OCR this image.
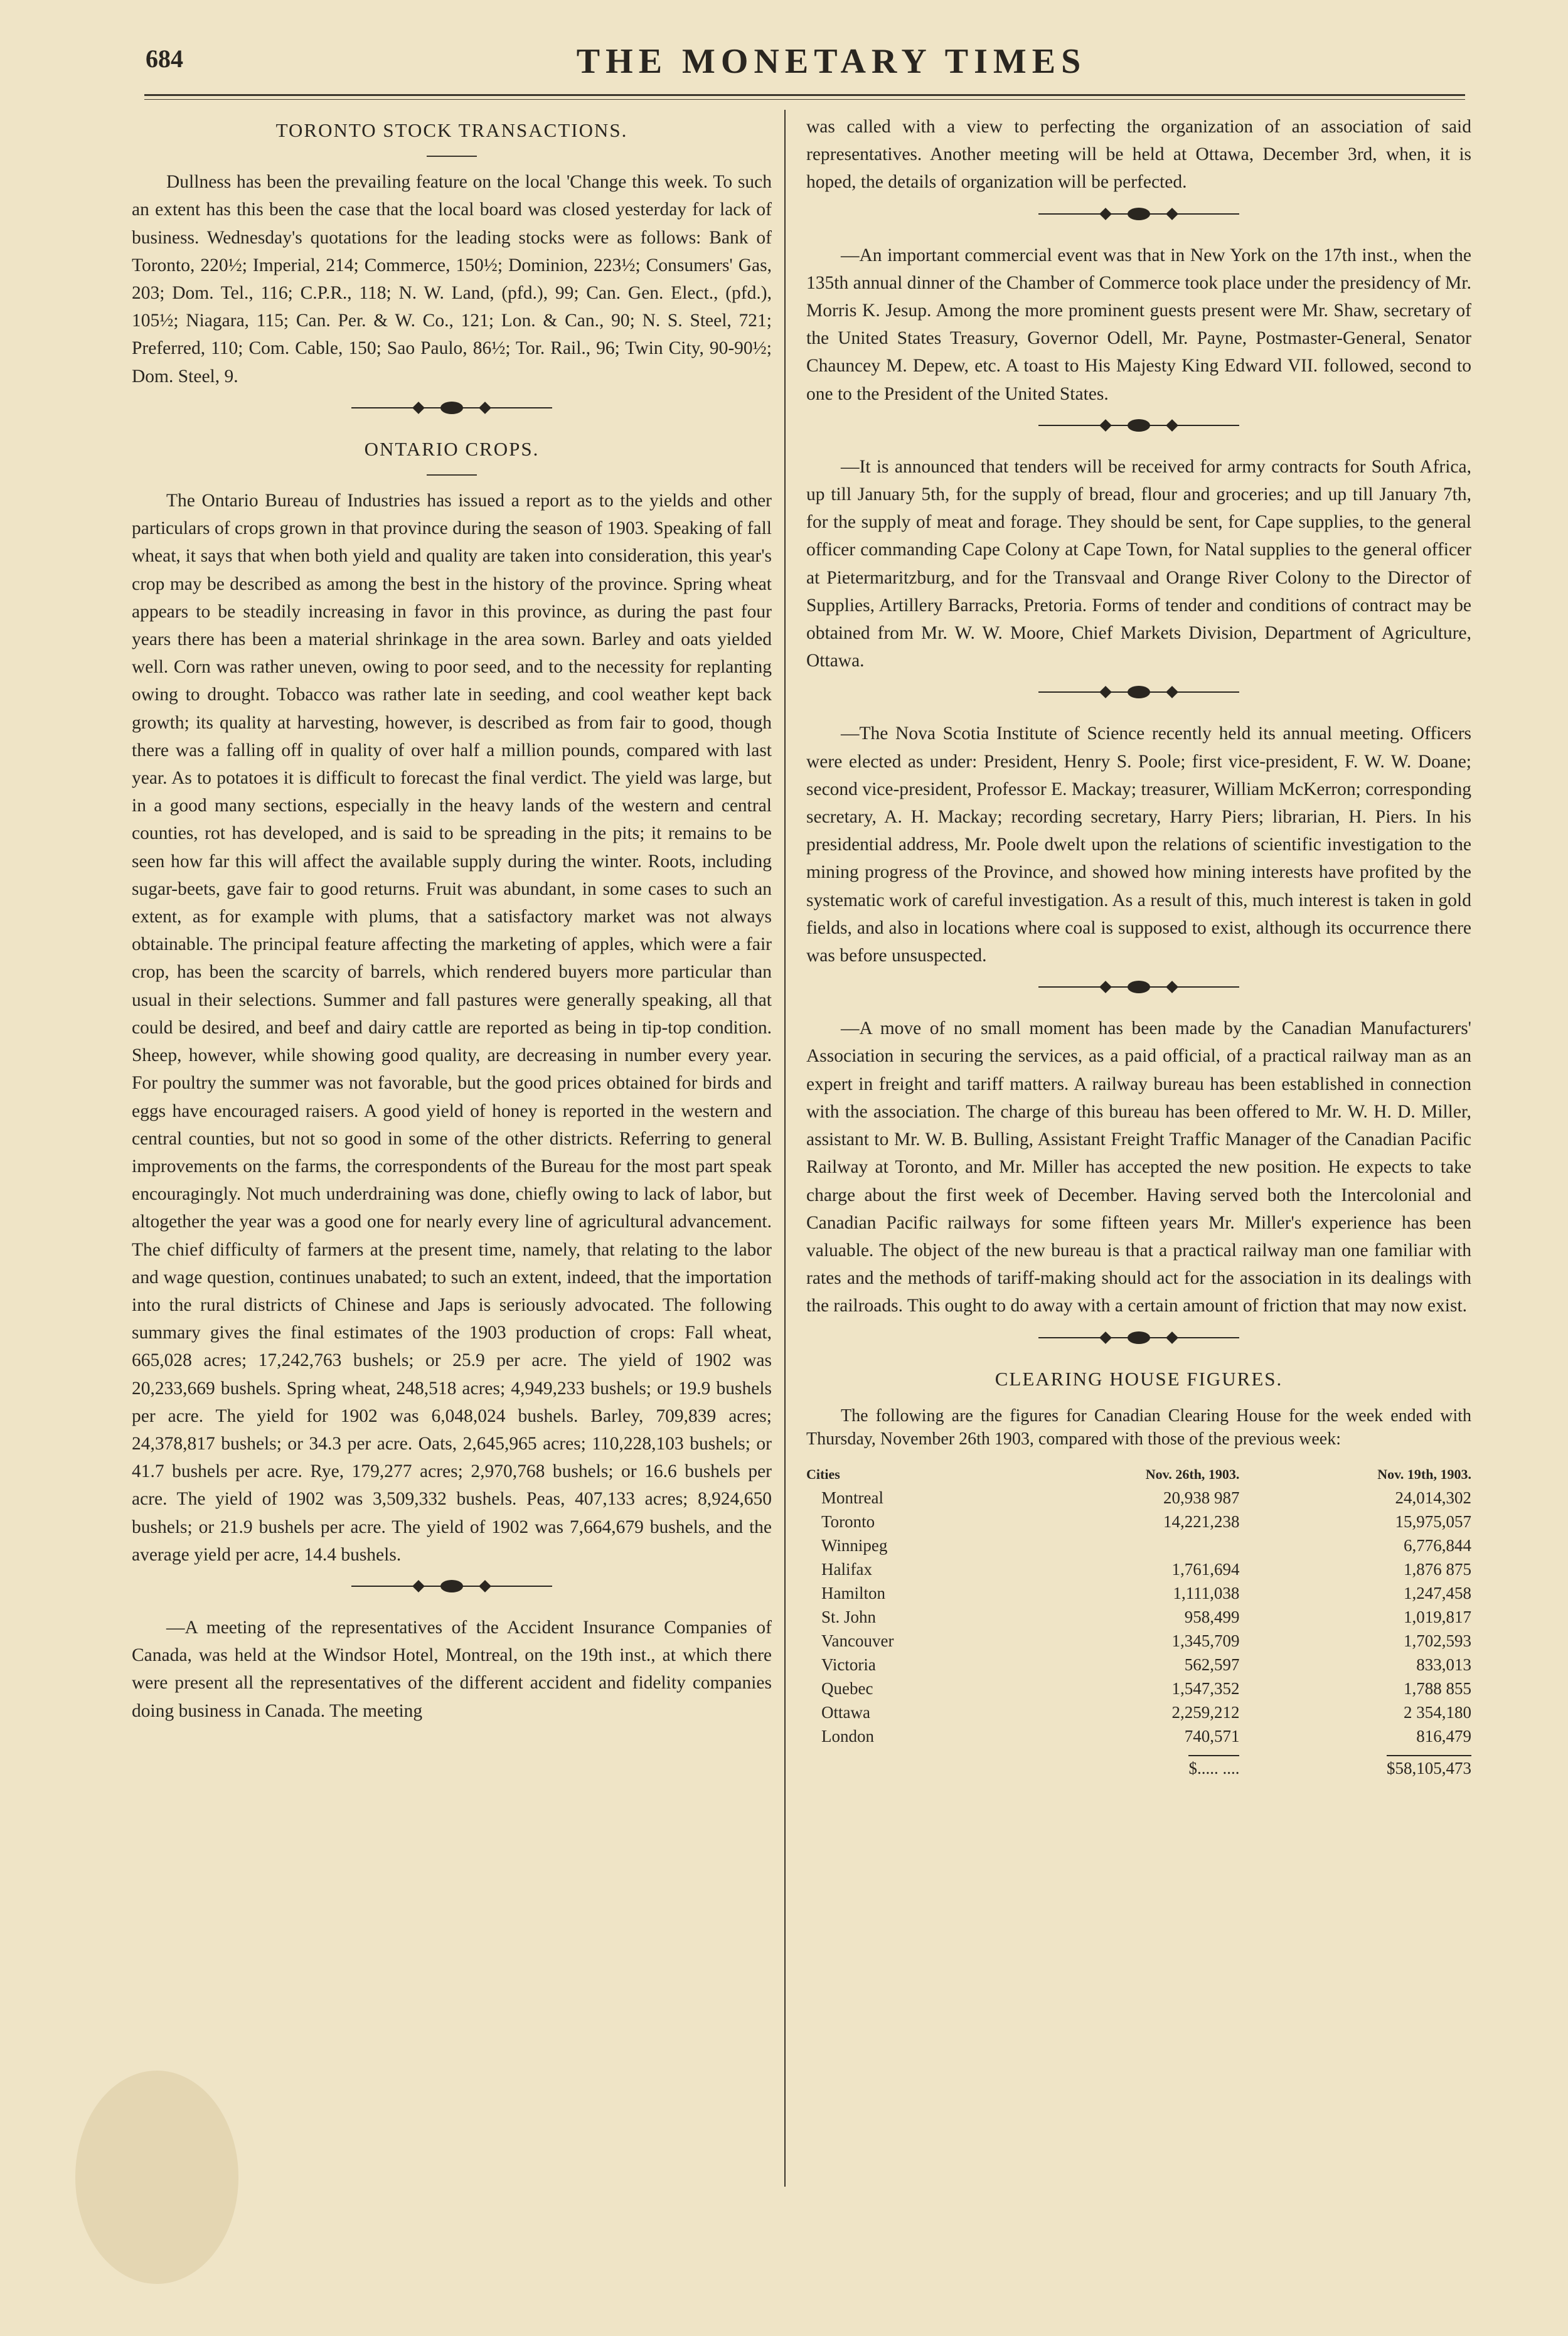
684	THE MONETARY TIMES
TORONTO STOCK TRANSACTIONS.

Dullness has been the prevailing feature on the local 'Change this week. To such an extent has this been the case that the local board was closed yesterday for lack of business. Wednesday's quotations for the leading stocks were as follows: Bank of Toronto, 220½; Imperial, 214; Commerce, 150½; Dominion, 223½; Consumers' Gas, 203; Dom. Tel., 116; C.P.R., 118; N. W. Land, (pfd.), 99; Can. Gen. Elect., (pfd.), 105½; Niagara, 115; Can. Per. & W. Co., 121; Lon. & Can., 90; N. S. Steel, 721; Preferred, 110; Com. Cable, 150; Sao Paulo, 86½; Tor. Rail., 96; Twin City, 90-90½; Dom. Steel, 9.

ONTARIO CROPS.

The Ontario Bureau of Industries has issued a report as to the yields and other particulars of crops grown in that province during the season of 1903. Speaking of fall wheat, it says that when both yield and quality are taken into consideration, this year's crop may be described as among the best in the history of the province. Spring wheat appears to be steadily increasing in favor in this province, as during the past four years there has been a material shrinkage in the area sown. Barley and oats yielded well. Corn was rather uneven, owing to poor seed, and to the necessity for replanting owing to drought. Tobacco was rather late in seeding, and cool weather kept back growth; its quality at harvesting, however, is described as from fair to good, though there was a falling off in quality of over half a million pounds, compared with last year. As to potatoes it is difficult to forecast the final verdict. The yield was large, but in a good many sections, especially in the heavy lands of the western and central counties, rot has developed, and is said to be spreading in the pits; it remains to be seen how far this will affect the available supply during the winter. Roots, including sugar-beets, gave fair to good returns. Fruit was abundant, in some cases to such an extent, as for example with plums, that a satisfactory market was not always obtainable. The principal feature affecting the marketing of apples, which were a fair crop, has been the scarcity of barrels, which rendered buyers more particular than usual in their selections. Summer and fall pastures were generally speaking, all that could be desired, and beef and dairy cattle are reported as being in tip-top condition. Sheep, however, while showing good quality, are decreasing in number every year. For poultry the summer was not favorable, but the good prices obtained for birds and eggs have encouraged raisers. A good yield of honey is reported in the western and central counties, but not so good in some of the other districts. Referring to general improvements on the farms, the correspondents of the Bureau for the most part speak encouragingly. Not much underdraining was done, chiefly owing to lack of labor, but altogether the year was a good one for nearly every line of agricultural advancement. The chief difficulty of farmers at the present time, namely, that relating to the labor and wage question, continues unabated; to such an extent, indeed, that the importation into the rural districts of Chinese and Japs is seriously advocated. The following summary gives the final estimates of the 1903 production of crops: Fall wheat, 665,028 acres; 17,242,763 bushels; or 25.9 per acre. The yield of 1902 was 20,233,669 bushels. Spring wheat, 248,518 acres; 4,949,233 bushels; or 19.9 bushels per acre. The yield for 1902 was 6,048,024 bushels. Barley, 709,839 acres; 24,378,817 bushels; or 34.3 per acre. Oats, 2,645,965 acres; 110,228,103 bushels; or 41.7 bushels per acre. Rye, 179,277 acres; 2,970,768 bushels; or 16.6 bushels per acre. The yield of 1902 was 3,509,332 bushels. Peas, 407,133 acres; 8,924,650 bushels; or 21.9 bushels per acre. The yield of 1902 was 7,664,679 bushels, and the average yield per acre, 14.4 bushels.

—A meeting of the representatives of the Accident Insurance Companies of Canada, was held at the Windsor Hotel, Montreal, on the 19th inst., at which there were present all the representatives of the different accident and fidelity companies doing business in Canada. The meeting

was called with a view to perfecting the organization of an association of said representatives. Another meeting will be held at Ottawa, December 3rd, when, it is hoped, the details of organization will be perfected.

—An important commercial event was that in New York on the 17th inst., when the 135th annual dinner of the Chamber of Commerce took place under the presidency of Mr. Morris K. Jesup. Among the more prominent guests present were Mr. Shaw, secretary of the United States Treasury, Governor Odell, Mr. Payne, Postmaster-General, Senator Chauncey M. Depew, etc. A toast to His Majesty King Edward VII. followed, second to one to the President of the United States.

—It is announced that tenders will be received for army contracts for South Africa, up till January 5th, for the supply of bread, flour and groceries; and up till January 7th, for the supply of meat and forage. They should be sent, for Cape supplies, to the general officer commanding Cape Colony at Cape Town, for Natal supplies to the general officer at Pietermaritzburg, and for the Transvaal and Orange River Colony to the Director of Supplies, Artillery Barracks, Pretoria. Forms of tender and conditions of contract may be obtained from Mr. W. W. Moore, Chief Markets Division, Department of Agriculture, Ottawa.

—The Nova Scotia Institute of Science recently held its annual meeting. Officers were elected as under: President, Henry S. Poole; first vice-president, F. W. W. Doane; second vice-president, Professor E. Mackay; treasurer, William McKerron; corresponding secretary, A. H. Mackay; recording secretary, Harry Piers; librarian, H. Piers. In his presidential address, Mr. Poole dwelt upon the relations of scientific investigation to the mining progress of the Province, and showed how mining interests have profited by the systematic work of careful investigation. As a result of this, much interest is taken in gold fields, and also in locations where coal is supposed to exist, although its occurrence there was before unsuspected.

—A move of no small moment has been made by the Canadian Manufacturers' Association in securing the services, as a paid official, of a practical railway man as an expert in freight and tariff matters. A railway bureau has been established in connection with the association. The charge of this bureau has been offered to Mr. W. H. D. Miller, assistant to Mr. W. B. Bulling, Assistant Freight Traffic Manager of the Canadian Pacific Railway at Toronto, and Mr. Miller has accepted the new position. He expects to take charge about the first week of December. Having served both the Intercolonial and Canadian Pacific railways for some fifteen years Mr. Miller's experience has been valuable. The object of the new bureau is that a practical railway man one familiar with rates and the methods of tariff-making should act for the association in its dealings with the railroads. This ought to do away with a certain amount of friction that may now exist.

CLEARING HOUSE FIGURES.
The following are the figures for Canadian Clearing House for the week ended with Thursday, November 26th 1903, compared with those of the previous week:
Cities	Nov. 26th, 1903.	Nov. 19th, 1903.
Montreal	20,938 987	24,014,302
Toronto	14,221,238	15,975,057
Winnipeg		6,776,844
Halifax	1,761,694	1,876 875
Hamilton	1,111,038	1,247,458
St. John	958,499	1,019,817
Vancouver	1,345,709	1,702,593
Victoria	562,597	833,013
Quebec	1,547,352	1,788 855
Ottawa	2,259,212	2 354,180
London	740,571	816,479
	$..... ....	$58,105,473
